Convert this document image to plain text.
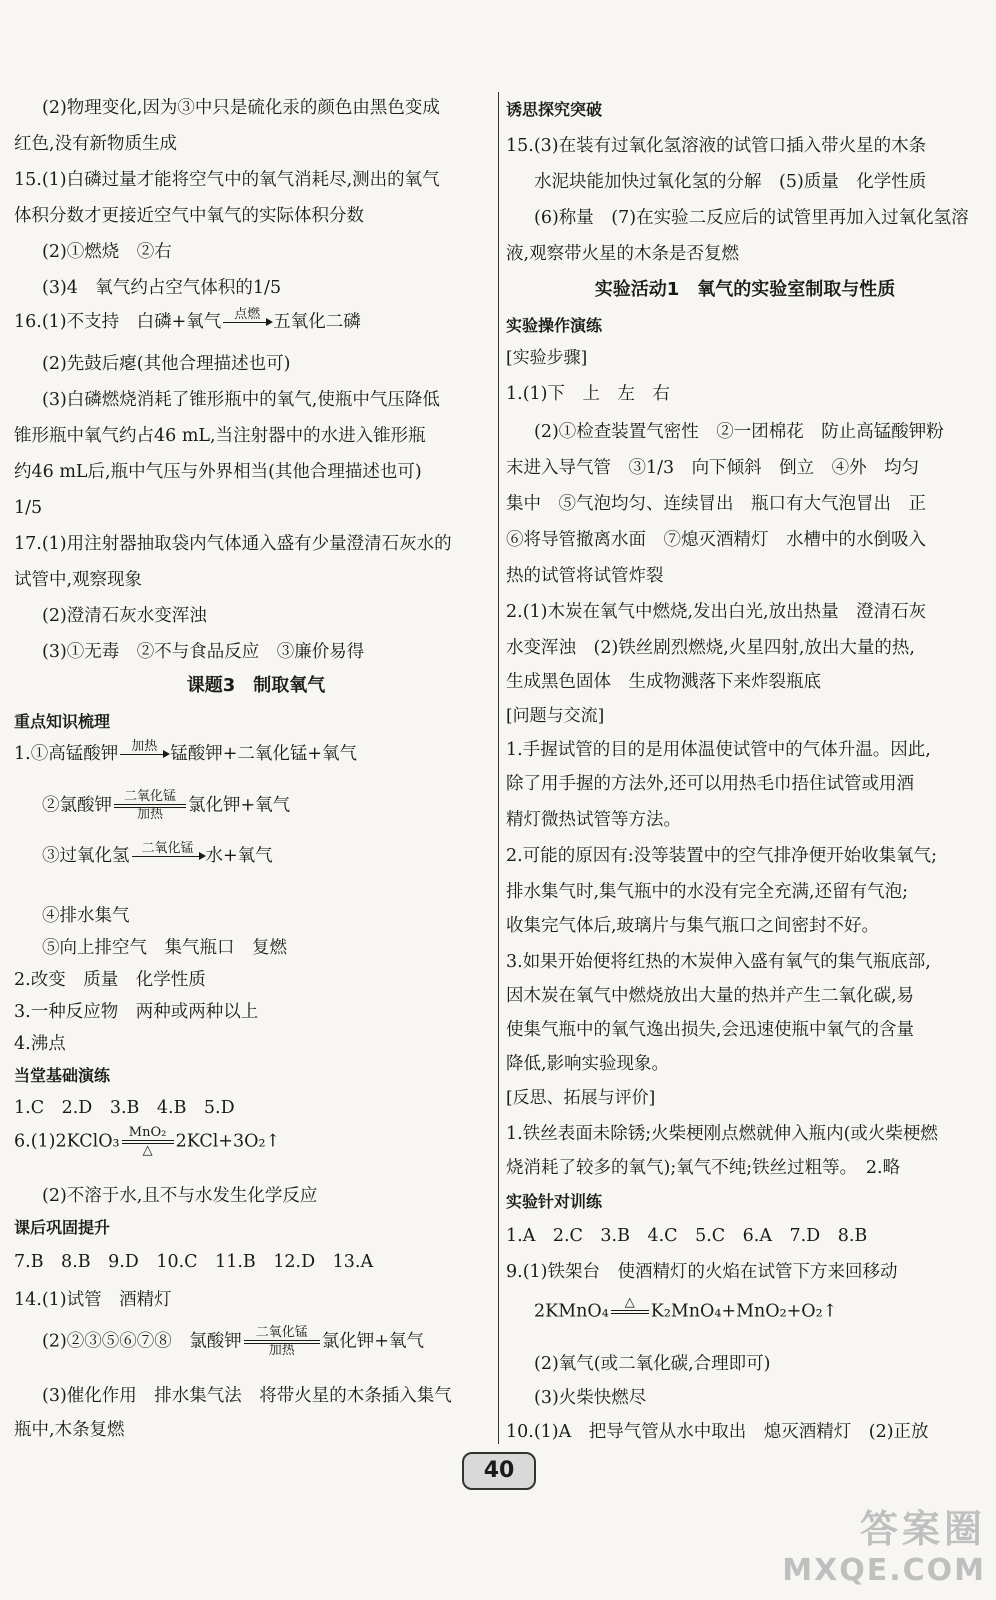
(2)物理变化,因为③中只是硫化汞的颜色由黑色变成
红色,没有新物质生成
15.(1)白磷过量才能将空气中的氧气消耗尽,测出的氧气
体积分数才更接近空气中氧气的实际体积分数
(2)①燃烧　②右
(3)4　氧气约占空气体积的1/5
16.(1)不支持　白磷+氧气 点燃
五氧化二磷
(2)先鼓后瘪(其他合理描述也可)
(3)白磷燃烧消耗了锥形瓶中的氧气,使瓶中气压降低
锥形瓶中氧气约占46 mL,当注射器中的水进入锥形瓶
约46 mL后,瓶中气压与外界相当(其他合理描述也可)
1/5
17.(1)用注射器抽取袋内气体通入盛有少量澄清石灰水的
试管中,观察现象
(2)澄清石灰水变浑浊
(3)①无毒　②不与食品反应　③廉价易得
课题3　制取氧气
重点知识梳理
1.①高锰酸钾 加热
锰酸钾+二氧化锰+氧气
②氯酸钾 二氧化锰
加热	氯化钾+氧气
③过氧化氢 二氧化锰
水+氧气
④排水集气
⑤向上排空气　集气瓶口　复燃
2.改变　质量　化学性质
3.一种反应物　两种或两种以上
4.沸点
当堂基础演练
1.C　2.D　3.B　4.B　5.D
6.(1)2KClO₃ MnO₂
△	2KCl+3O₂↑
(2)不溶于水,且不与水发生化学反应
课后巩固提升
7.B　8.B　9.D　10.C　11.B　12.D　13.A
14.(1)试管　酒精灯
(2)②③⑤⑥⑦⑧　氯酸钾	二氧化锰
加热	氯化钾+氧气
(3)催化作用　排水集气法　将带火星的木条插入集气
瓶中,木条复燃
诱思探究突破
15.(3)在装有过氧化氢溶液的试管口插入带火星的木条
水泥块能加快过氧化氢的分解　(5)质量　化学性质
(6)称量　(7)在实验二反应后的试管里再加入过氧化氢溶
液,观察带火星的木条是否复燃
实验活动1　氧气的实验室制取与性质
实验操作演练
[实验步骤]
1.(1)下　上　左　右
(2)①检查装置气密性　②一团棉花　防止高锰酸钾粉
末进入导气管　③1/3　向下倾斜　倒立　④外　均匀
集中　⑤气泡均匀、连续冒出　瓶口有大气泡冒出　正
⑥将导管撤离水面　⑦熄灭酒精灯　水槽中的水倒吸入
热的试管将试管炸裂
2.(1)木炭在氧气中燃烧,发出白光,放出热量　澄清石灰
水变浑浊　(2)铁丝剧烈燃烧,火星四射,放出大量的热,
生成黑色固体　生成物溅落下来炸裂瓶底
[问题与交流]
1.手握试管的目的是用体温使试管中的气体升温。因此,
除了用手握的方法外,还可以用热毛巾捂住试管或用酒
精灯微热试管等方法。
2.可能的原因有:没等装置中的空气排净便开始收集氧气;
排水集气时,集气瓶中的水没有完全充满,还留有气泡;
收集完气体后,玻璃片与集气瓶口之间密封不好。
3.如果开始便将红热的木炭伸入盛有氧气的集气瓶底部,
因木炭在氧气中燃烧放出大量的热并产生二氧化碳,易
使集气瓶中的氧气逸出损失,会迅速使瓶中氧气的含量
降低,影响实验现象。
[反思、拓展与评价]
1.铁丝表面未除锈;火柴梗刚点燃就伸入瓶内(或火柴梗燃
烧消耗了较多的氧气);氧气不纯;铁丝过粗等。　2.略
实验针对训练
1.A　2.C　3.B　4.C　5.C　6.A　7.D　8.B
9.(1)铁架台　使酒精灯的火焰在试管下方来回移动
2KMnO₄	△
K₂MnO₄+MnO₂+O₂↑
(2)氧气(或二氧化碳,合理即可)
(3)火柴快燃尽
10.(1)A　把导气管从水中取出　熄灭酒精灯　(2)正放
40
答案圈
MXQE.COM
